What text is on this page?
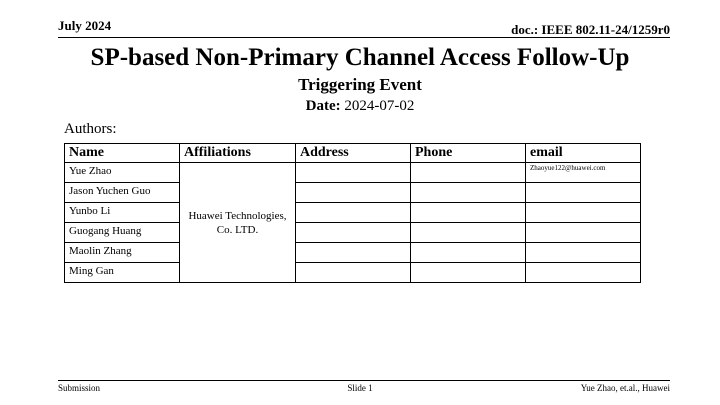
July 2024	doc.: IEEE 802.11-24/1259r0
SP-based Non-Primary Channel Access Follow-Up
Triggering Event
Date: 2024-07-02
Authors:
Name	Affiliations	Address	Phone	email
Yue Zhao	Huawei Technologies, Co. LTD.			Zhaoyue122@huawei.com
Jason Yuchen Guo				
Yunbo Li				
Guogang Huang				
Maolin Zhang				
Ming Gan				
Submission	Slide 1	Yue Zhao, et.al., Huawei
